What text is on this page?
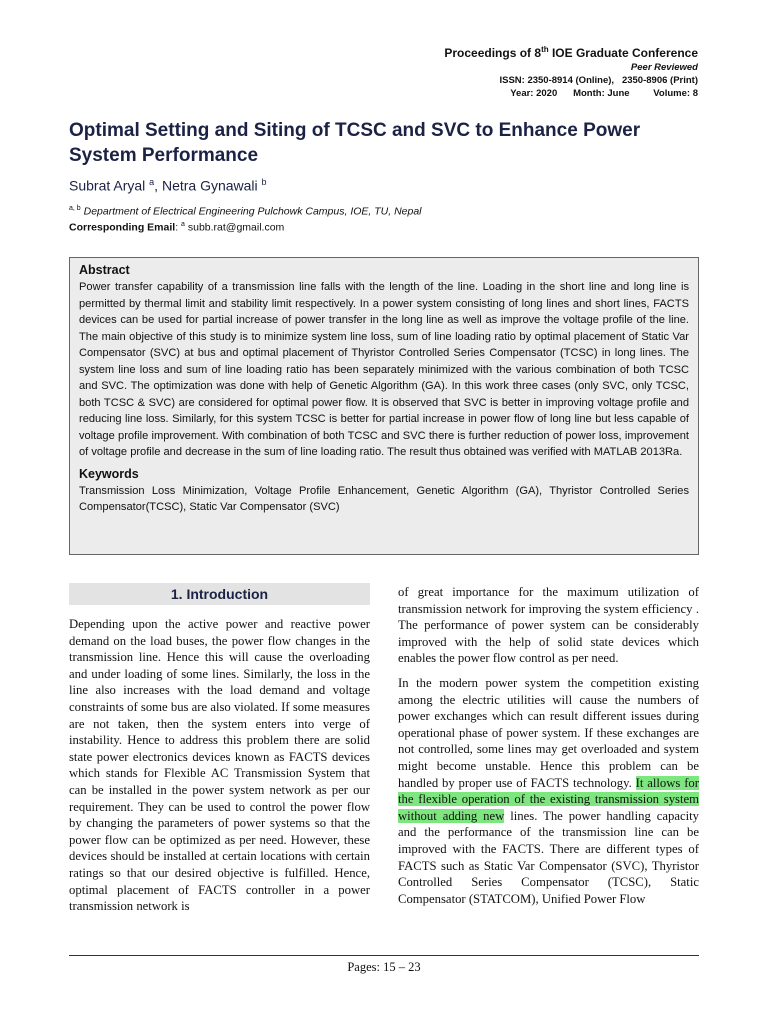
Proceedings of 8th IOE Graduate Conference
Peer Reviewed
ISSN: 2350-8914 (Online),   2350-8906 (Print)
Year: 2020      Month: June         Volume: 8
Optimal Setting and Siting of TCSC and SVC to Enhance Power System Performance
Subrat Aryal $^a$, Netra Gynawali $^b$
$^{a, b}$ Department of Electrical Engineering Pulchowk Campus, IOE, TU, Nepal
Corresponding Email: $^a$ subb.rat@gmail.com
Abstract

Power transfer capability of a transmission line falls with the length of the line. Loading in the short line and long line is permitted by thermal limit and stability limit respectively. In a power system consisting of long lines and short lines, FACTS devices can be used for partial increase of power transfer in the long line as well as improve the voltage profile of the line. The main objective of this study is to minimize system line loss, sum of line loading ratio by optimal placement of Static Var Compensator (SVC) at bus and optimal placement of Thyristor Controlled Series Compensator (TCSC) in long lines. The system line loss and sum of line loading ratio has been separately minimized with the various combination of both TCSC and SVC. The optimization was done with help of Genetic Algorithm (GA). In this work three cases (only SVC, only TCSC, both TCSC & SVC) are considered for optimal power flow. It is observed that SVC is better in improving voltage profile and reducing line loss. Similarly, for this system TCSC is better for partial increase in power flow of long line but less capable of voltage profile improvement. With combination of both TCSC and SVC there is further reduction of power loss, improvement of voltage profile and decrease in the sum of line loading ratio. The result thus obtained was verified with MATLAB 2013Ra.

Keywords

Transmission Loss Minimization, Voltage Profile Enhancement, Genetic Algorithm (GA), Thyristor Controlled Series Compensator(TCSC), Static Var Compensator (SVC)

1. Introduction

Depending upon the active power and reactive power demand on the load buses, the power flow changes in the transmission line. Hence this will cause the overloading and under loading of some lines. Similarly, the loss in the line also increases with the load demand and voltage constraints of some bus are also violated. If some measures are not taken, then the system enters into verge of instability. Hence to address this problem there are solid state power electronics devices known as FACTS devices which stands for Flexible AC Transmission System that can be installed in the power system network as per our requirement. They can be used to control the power flow by changing the parameters of power systems so that the power flow can be optimized as per need. However, these devices should be installed at certain locations with certain ratings so that our desired objective is fulfilled. Hence, optimal placement of FACTS controller in a power transmission network is

of great importance for the maximum utilization of transmission network for improving the system efficiency . The performance of power system can be considerably improved with the help of solid state devices which enables the power flow control as per need.

In the modern power system the competition existing among the electric utilities will cause the numbers of power exchanges which can result different issues during operational phase of power system. If these exchanges are not controlled, some lines may get overloaded and system might become unstable. Hence this problem can be handled by proper use of FACTS technology. It allows for the flexible operation of the existing transmission system without adding new lines. The power handling capacity and the performance of the transmission line can be improved with the FACTS. There are different types of FACTS such as Static Var Compensator (SVC), Thyristor Controlled Series Compensator (TCSC), Static Compensator (STATCOM), Unified Power Flow

Pages: 15 – 23
